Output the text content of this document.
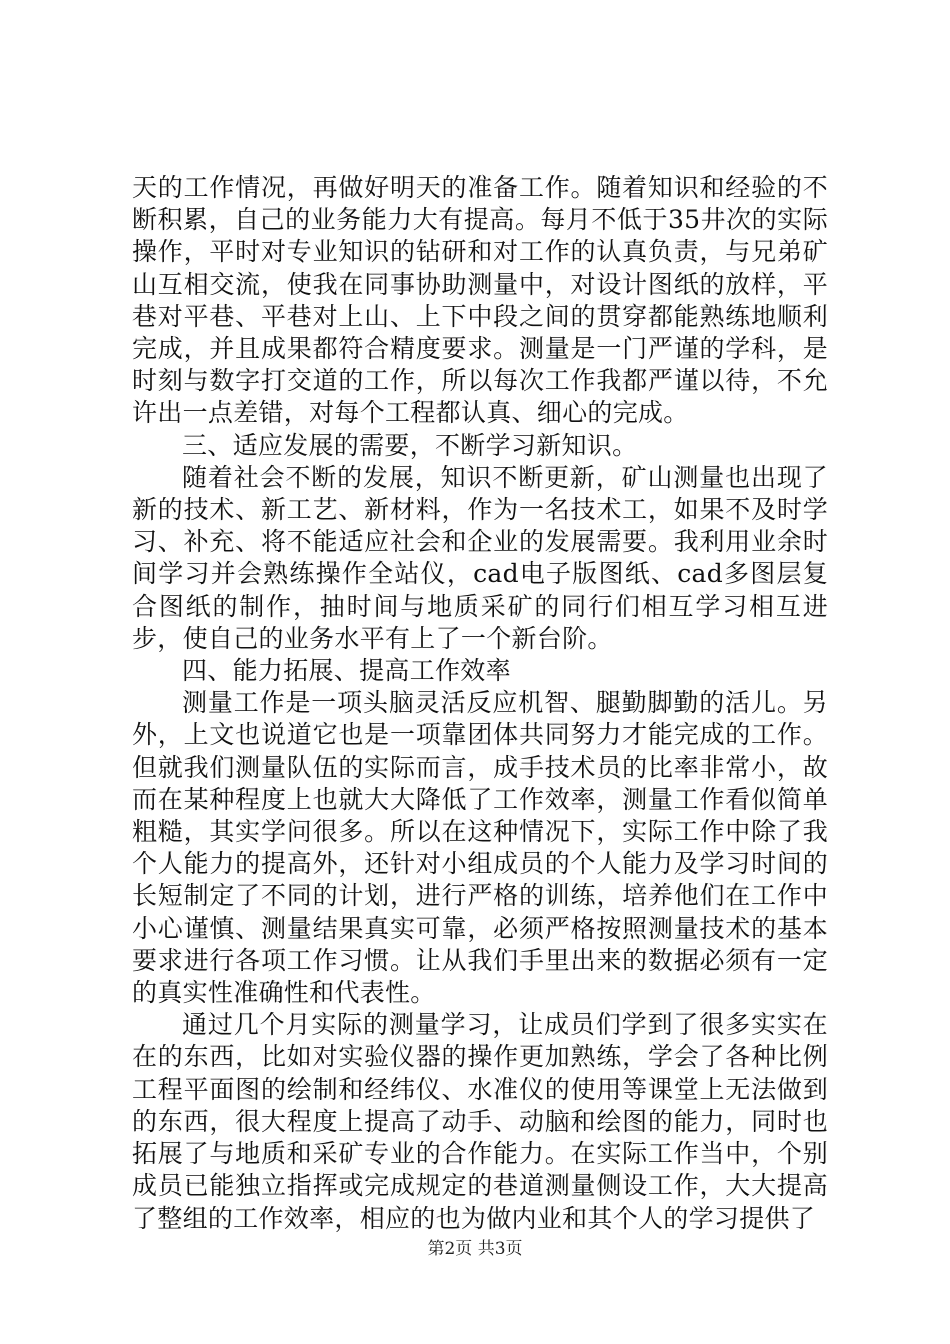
天的工作情况，再做好明天的准备工作。随着知识和经验的不断积累，自己的业务能力大有提高。每月不低于35井次的实际操作，平时对专业知识的钻研和对工作的认真负责，与兄弟矿山互相交流，使我在同事协助测量中，对设计图纸的放样，平巷对平巷、平巷对上山、上下中段之间的贯穿都能熟练地顺利完成，并且成果都符合精度要求。测量是一门严谨的学科，是时刻与数字打交道的工作，所以每次工作我都严谨以待，不允许出一点差错，对每个工程都认真、细心的完成。

三、适应发展的需要，不断学习新知识。

随着社会不断的发展，知识不断更新，矿山测量也出现了新的技术、新工艺、新材料，作为一名技术工，如果不及时学习、补充、将不能适应社会和企业的发展需要。我利用业余时间学习并会熟练操作全站仪，cad电子版图纸、cad多图层复合图纸的制作，抽时间与地质采矿的同行们相互学习相互进步，使自己的业务水平有上了一个新台阶。

四、能力拓展、提高工作效率

测量工作是一项头脑灵活反应机智、腿勤脚勤的活儿。另外，上文也说道它也是一项靠团体共同努力才能完成的工作。但就我们测量队伍的实际而言，成手技术员的比率非常小，故而在某种程度上也就大大降低了工作效率，测量工作看似简单粗糙，其实学问很多。所以在这种情况下，实际工作中除了我个人能力的提高外，还针对小组成员的个人能力及学习时间的长短制定了不同的计划，进行严格的训练，培养他们在工作中小心谨慎、测量结果真实可靠，必须严格按照测量技术的基本要求进行各项工作习惯。让从我们手里出来的数据必须有一定的真实性准确性和代表性。

通过几个月实际的测量学习，让成员们学到了很多实实在在的东西，比如对实验仪器的操作更加熟练，学会了各种比例工程平面图的绘制和经纬仪、水准仪的使用等课堂上无法做到的东西，很大程度上提高了动手、动脑和绘图的能力，同时也拓展了与地质和采矿专业的合作能力。在实际工作当中，个别成员已能独立指挥或完成规定的巷道测量侧设工作，大大提高了整组的工作效率，相应的也为做内业和其个人的学习提供了

第2页 共3页
